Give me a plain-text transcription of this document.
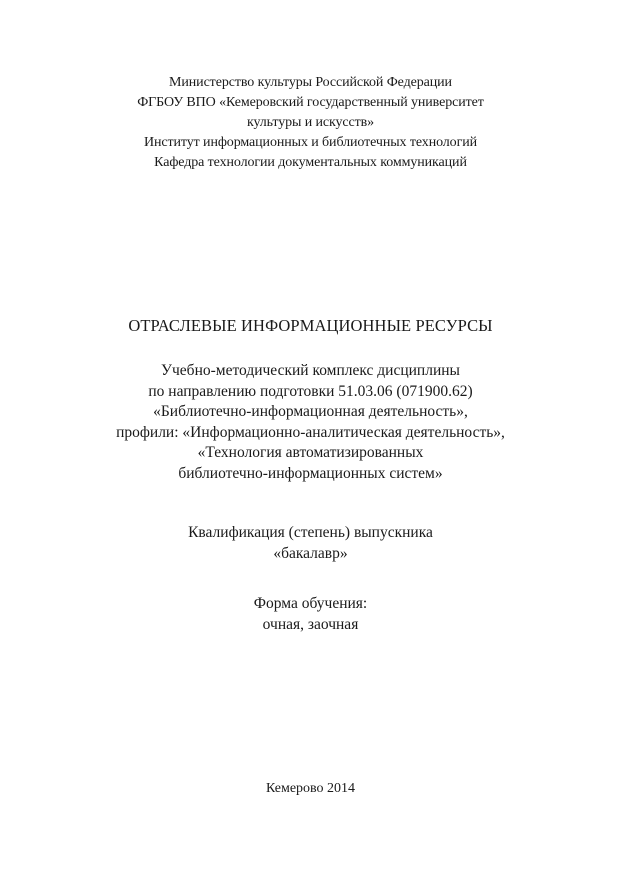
Министерство культуры Российской Федерации
ФГБОУ ВПО «Кемеровский государственный университет
культуры и искусств»
Институт информационных и библиотечных технологий
Кафедра технологии документальных коммуникаций
ОТРАСЛЕВЫЕ ИНФОРМАЦИОННЫЕ РЕСУРСЫ
Учебно-методический комплекс дисциплины
по направлению подготовки 51.03.06 (071900.62)
«Библиотечно-информационная деятельность»,
профили: «Информационно-аналитическая деятельность»,
«Технология автоматизированных
библиотечно-информационных систем»
Квалификация (степень) выпускника
«бакалавр»
Форма обучения:
очная, заочная
Кемерово 2014
